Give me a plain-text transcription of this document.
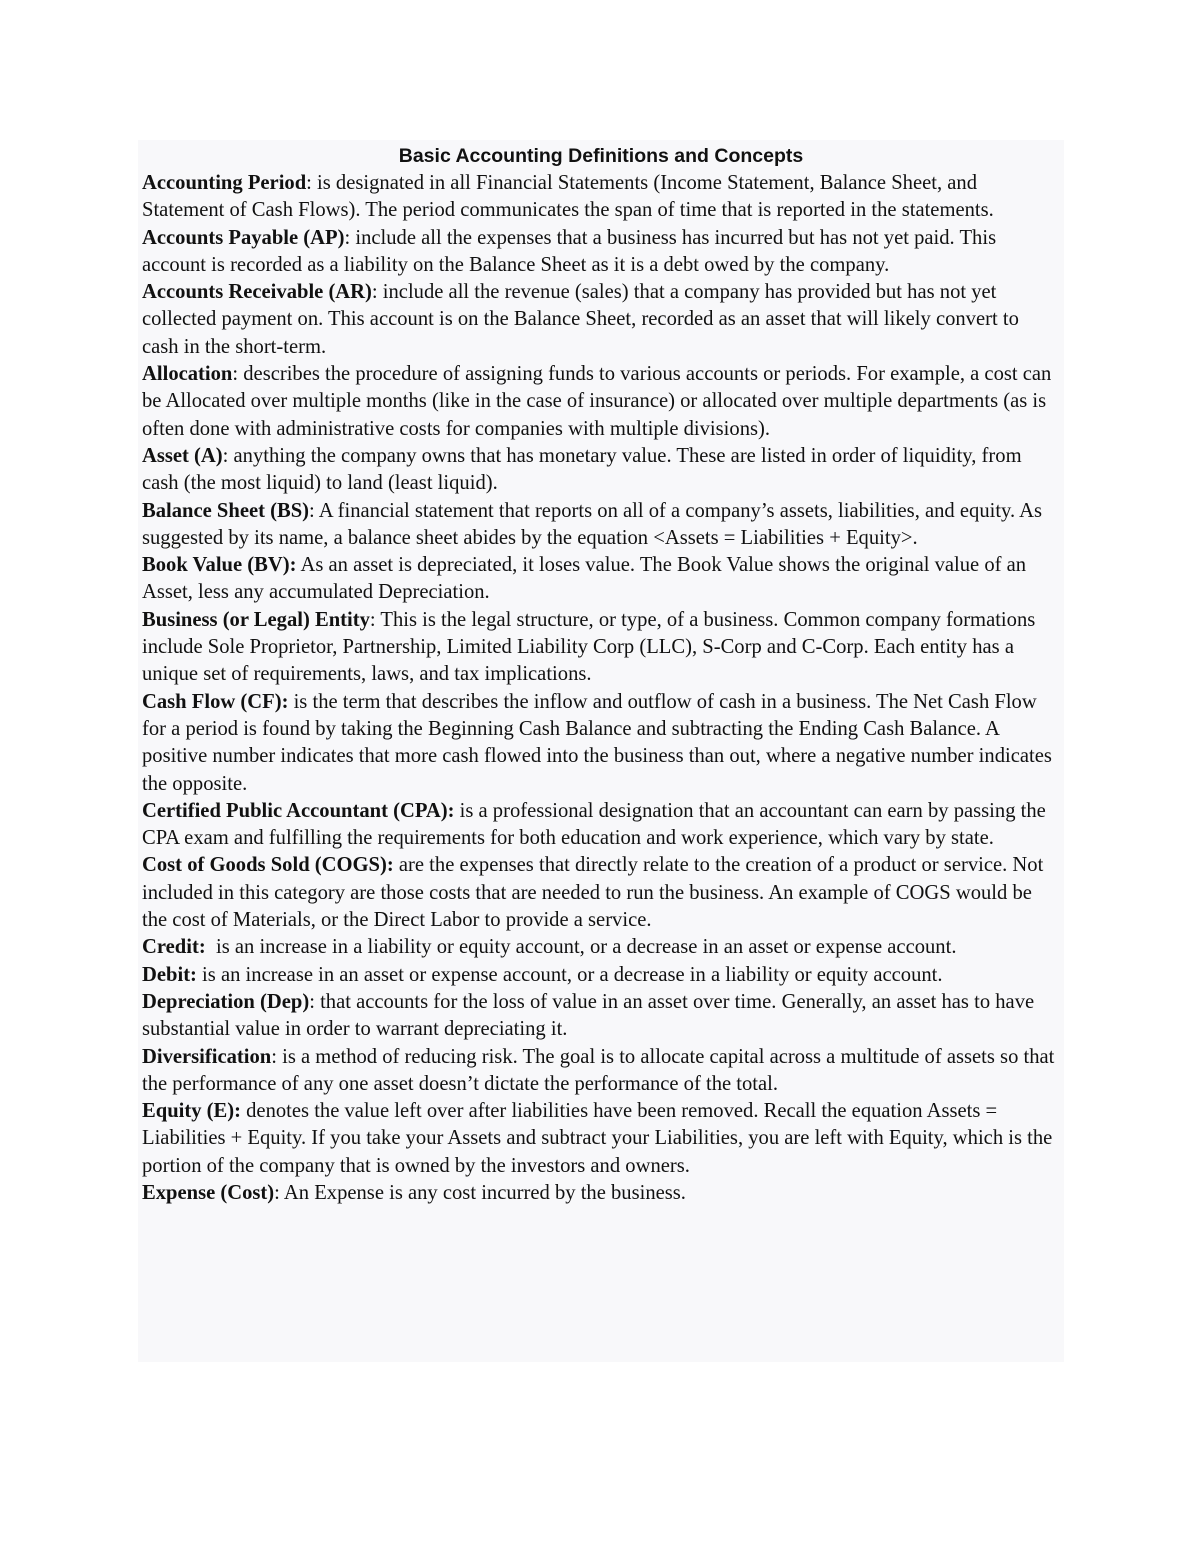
Basic Accounting Definitions and Concepts

Accounting Period: is designated in all Financial Statements (Income Statement, Balance Sheet, and Statement of Cash Flows). The period communicates the span of time that is reported in the statements.

Accounts Payable (AP): include all the expenses that a business has incurred but has not yet paid. This account is recorded as a liability on the Balance Sheet as it is a debt owed by the company.

Accounts Receivable (AR): include all the revenue (sales) that a company has provided but has not yet collected payment on. This account is on the Balance Sheet, recorded as an asset that will likely convert to cash in the short-term.

Allocation: describes the procedure of assigning funds to various accounts or periods. For example, a cost can be Allocated over multiple months (like in the case of insurance) or allocated over multiple departments (as is often done with administrative costs for companies with multiple divisions).

Asset (A): anything the company owns that has monetary value. These are listed in order of liquidity, from cash (the most liquid) to land (least liquid).

Balance Sheet (BS): A financial statement that reports on all of a company’s assets, liabilities, and equity. As suggested by its name, a balance sheet abides by the equation <Assets = Liabilities + Equity>.

Book Value (BV): As an asset is depreciated, it loses value. The Book Value shows the original value of an Asset, less any accumulated Depreciation.

Business (or Legal) Entity: This is the legal structure, or type, of a business. Common company formations include Sole Proprietor, Partnership, Limited Liability Corp (LLC), S-Corp and C-Corp. Each entity has a unique set of requirements, laws, and tax implications.

Cash Flow (CF): is the term that describes the inflow and outflow of cash in a business. The Net Cash Flow for a period is found by taking the Beginning Cash Balance and subtracting the Ending Cash Balance. A positive number indicates that more cash flowed into the business than out, where a negative number indicates the opposite.

Certified Public Accountant (CPA): is a professional designation that an accountant can earn by passing the CPA exam and fulfilling the requirements for both education and work experience, which vary by state.

Cost of Goods Sold (COGS): are the expenses that directly relate to the creation of a product or service. Not included in this category are those costs that are needed to run the business. An example of COGS would be the cost of Materials, or the Direct Labor to provide a service.

Credit:  is an increase in a liability or equity account, or a decrease in an asset or expense account.

Debit: is an increase in an asset or expense account, or a decrease in a liability or equity account.

Depreciation (Dep): that accounts for the loss of value in an asset over time. Generally, an asset has to have substantial value in order to warrant depreciating it.

Diversification: is a method of reducing risk. The goal is to allocate capital across a multitude of assets so that the performance of any one asset doesn’t dictate the performance of the total.

Equity (E): denotes the value left over after liabilities have been removed. Recall the equation Assets = Liabilities + Equity. If you take your Assets and subtract your Liabilities, you are left with Equity, which is the portion of the company that is owned by the investors and owners.

Expense (Cost): An Expense is any cost incurred by the business.
